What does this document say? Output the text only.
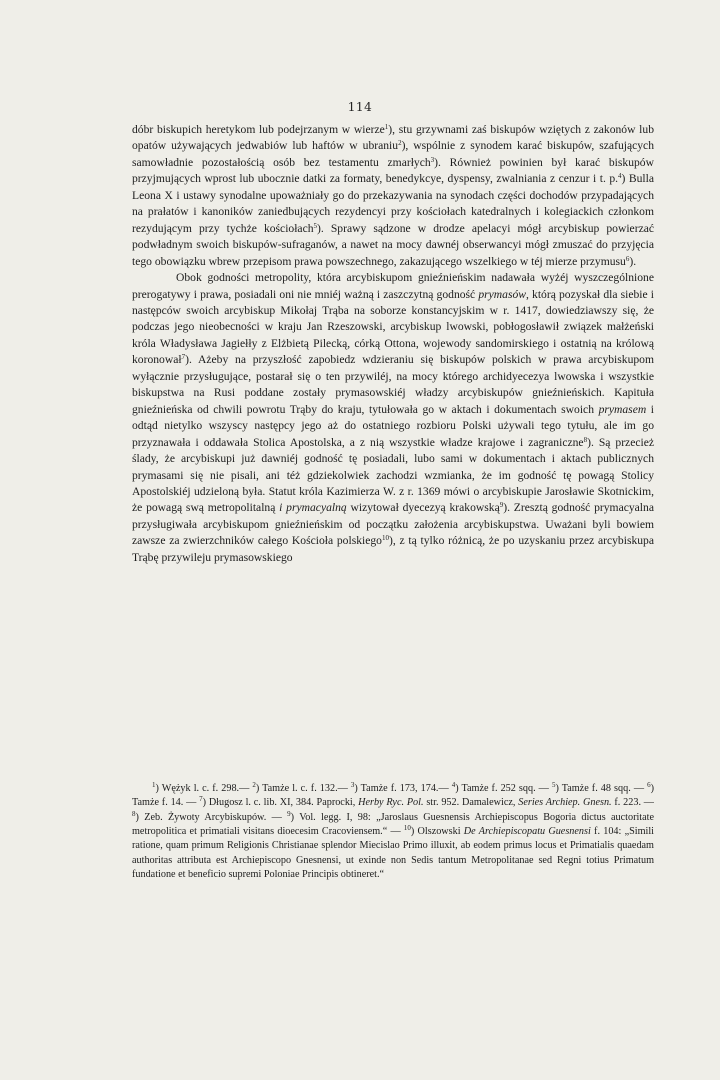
114

dóbr biskupich heretykom lub podejrzanym w wierze$^1$), stu grzywnami zaś biskupów wziętych z zakonów lub opatów używających jedwabiów lub haftów w ubraniu$^2$), wspólnie z synodem karać biskupów, szafujących samowładnie pozostałością osób bez testamentu zmarłych$^3$). Również powinien był karać biskupów przyjmujących wprost lub ubocznie datki za formaty, benedykcye, dyspensy, zwalniania z cenzur i t. p.$^4$) Bulla Leona X i ustawy synodalne upoważniały go do przekazywania na synodach części dochodów przypadających na prałatów i kanoników zaniedbujących rezydencyi przy kościołach katedralnych i kolegiackich członkom rezydującym przy tychże kościołach$^5$). Sprawy sądzone w drodze apelacyi mógł arcybiskup powierzać podwładnym swoich biskupów-sufraganów, a nawet na mocy dawnéj obserwancyi mógł zmuszać do przyjęcia tego obowiązku wbrew przepisom prawa powszechnego, zakazującego wszelkiego w téj mierze przymusu$^6$).

Obok godności metropolity, która arcybiskupom gnieźnieńskim nadawała wyżéj wyszczególnione prerogatywy i prawa, posiadali oni nie mniéj ważną i zaszczytną godność prymasów, którą pozyskał dla siebie i następców swoich arcybiskup Mikołaj Trąba na soborze konstancyjskim w r. 1417, dowiedziawszy się, że podczas jego nieobecności w kraju Jan Rzeszowski, arcybiskup lwowski, pobłogosławił związek małżeński króla Władysława Jagiełły z Elżbietą Pilecką, córką Ottona, wojewody sandomirskiego i ostatnią na królową koronował$^7$). Ażeby na przyszłość zapobiedz wdzieraniu się biskupów polskich w prawa arcybiskupom wyłącznie przysługujące, postarał się o ten przywiléj, na mocy którego archidyecezya lwowska i wszystkie biskupstwa na Rusi poddane zostały prymasowskiéj władzy arcybiskupów gnieźnieńskich. Kapituła gnieźnieńska od chwili powrotu Trąby do kraju, tytułowała go w aktach i dokumentach swoich prymasem i odtąd nietylko wszyscy następcy jego aż do ostatniego rozbioru Polski używali tego tytułu, ale im go przyznawała i oddawała Stolica Apostolska, a z nią wszystkie władze krajowe i zagraniczne$^8$). Są przecież ślady, że arcybiskupi już dawniéj godność tę posiadali, lubo sami w dokumentach i aktach publicznych prymasami się nie pisali, ani téż gdziekolwiek zachodzi wzmianka, że im godność tę powagą Stolicy Apostolskiéj udzieloną była. Statut króla Kazimierza W. z r. 1369 mówi o arcybiskupie Jarosławie Skotnickim, że powagą swą metropolitalną i prymacyalną wizytował dyecezyą krakowską$^9$). Zresztą godność prymacyalna przysługiwała arcybiskupom gnieźnieńskim od początku założenia arcybiskupstwa. Uważani byli bowiem zawsze za zwierzchników całego Kościoła polskiego$^{10}$), z tą tylko różnicą, że po uzyskaniu przez arcybiskupa Trąbę przywileju prymasowskiego

$^1$) Wężyk l. c. f. 298.— $^2$) Tamże l. c. f. 132.— $^3$) Tamże f. 173, 174.— $^4$) Tamże f. 252 sqq. — $^5$) Tamże f. 48 sqq. — $^6$) Tamże f. 14. — $^7$) Długosz l. c. lib. XI, 384. Paprocki, Herby Ryc. Pol. str. 952. Damalewicz, Series Archiep. Gnesn. f. 223. — $^8$) Zeb. Żywoty Arcybiskupów. — $^9$) Vol. legg. I, 98: „Jaroslaus Guesnensis Archiepiscopus Bogoria dictus auctoritate metropolitica et primatiali visitans dioecesim Cracoviensem.“ — $^{10}$) Olszowski De Archiepiscopatu Guesnensi f. 104: „Simili ratione, quam primum Religionis Christianae splendor Miecislao Primo illuxit, ab eodem primus locus et Primatialis quaedam authoritas attributa est Archiepiscopo Gnesnensi, ut exinde non Sedis tantum Metropolitanae sed Regni totius Primatum fundatione et beneficio supremi Poloniae Principis obtineret.“
